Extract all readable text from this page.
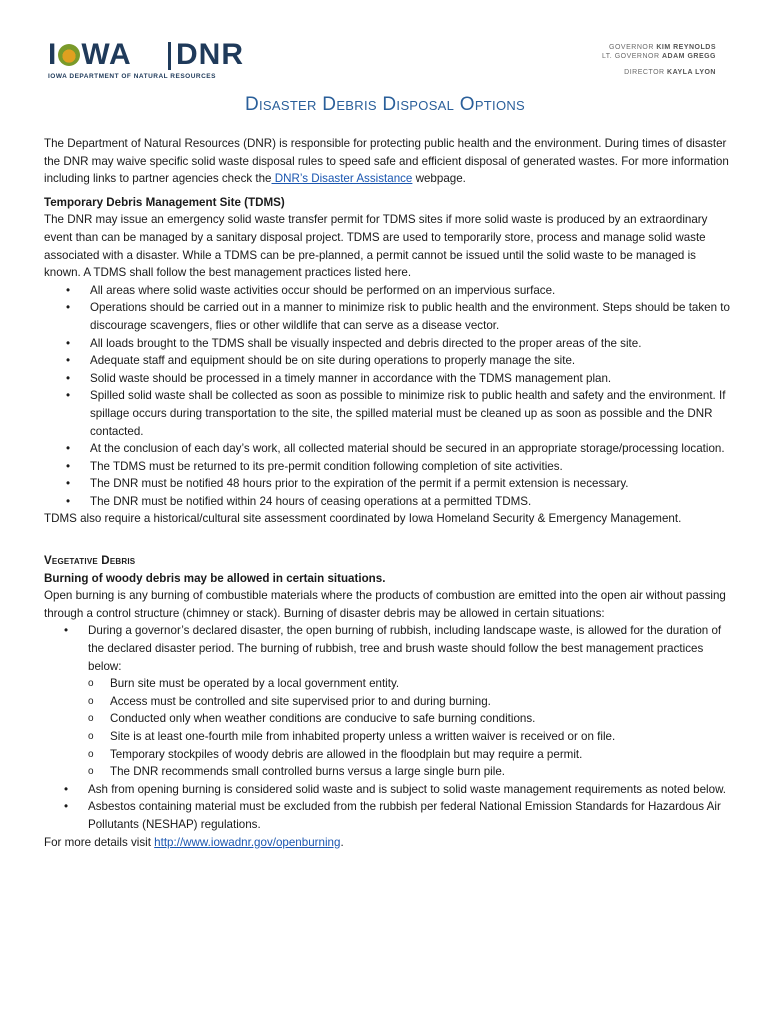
I WA DNR
IOWA DEPARTMENT OF NATURAL RESOURCES
GOVERNOR KIM REYNOLDS
LT. GOVERNOR ADAM GREGG
DIRECTOR KAYLA LYON
Disaster Debris Disposal Options

The Department of Natural Resources (DNR) is responsible for protecting public health and the environment. During times of disaster the DNR may waive specific solid waste disposal rules to speed safe and efficient disposal of generated wastes. For more information including links to partner agencies check the DNR’s Disaster Assistance webpage.

Temporary Debris Management Site (TDMS)

The DNR may issue an emergency solid waste transfer permit for TDMS sites if more solid waste is produced by an extraordinary event than can be managed by a sanitary disposal project. TDMS are used to temporarily store, process and manage solid waste associated with a disaster. While a TDMS can be pre-planned, a permit cannot be issued until the solid waste to be managed is known. A TDMS shall follow the best management practices listed here.

• All areas where solid waste activities occur should be performed on an impervious surface.
• Operations should be carried out in a manner to minimize risk to public health and the environment. Steps should be taken to discourage scavengers, flies or other wildlife that can serve as a disease vector.
• All loads brought to the TDMS shall be visually inspected and debris directed to the proper areas of the site.
• Adequate staff and equipment should be on site during operations to properly manage the site.
• Solid waste should be processed in a timely manner in accordance with the TDMS management plan.
• Spilled solid waste shall be collected as soon as possible to minimize risk to public health and safety and the environment. If spillage occurs during transportation to the site, the spilled material must be cleaned up as soon as possible and the DNR contacted.
• At the conclusion of each day’s work, all collected material should be secured in an appropriate storage/processing location.
• The TDMS must be returned to its pre-permit condition following completion of site activities.
• The DNR must be notified 48 hours prior to the expiration of the permit if a permit extension is necessary.
• The DNR must be notified within 24 hours of ceasing operations at a permitted TDMS.

TDMS also require a historical/cultural site assessment coordinated by Iowa Homeland Security & Emergency Management.

Vegetative Debris

Burning of woody debris may be allowed in certain situations.

Open burning is any burning of combustible materials where the products of combustion are emitted into the open air without passing through a control structure (chimney or stack). Burning of disaster debris may be allowed in certain situations:

• During a governor’s declared disaster, the open burning of rubbish, including landscape waste, is allowed for the duration of the declared disaster period. The burning of rubbish, tree and brush waste should follow the best management practices below:
o Burn site must be operated by a local government entity.
o Access must be controlled and site supervised prior to and during burning.
o Conducted only when weather conditions are conducive to safe burning conditions.
o Site is at least one-fourth mile from inhabited property unless a written waiver is received or on file.
o Temporary stockpiles of woody debris are allowed in the floodplain but may require a permit.
o The DNR recommends small controlled burns versus a large single burn pile.
• Ash from opening burning is considered solid waste and is subject to solid waste management requirements as noted below.
• Asbestos containing material must be excluded from the rubbish per federal National Emission Standards for Hazardous Air Pollutants (NESHAP) regulations.

For more details visit http://www.iowadnr.gov/openburning.
